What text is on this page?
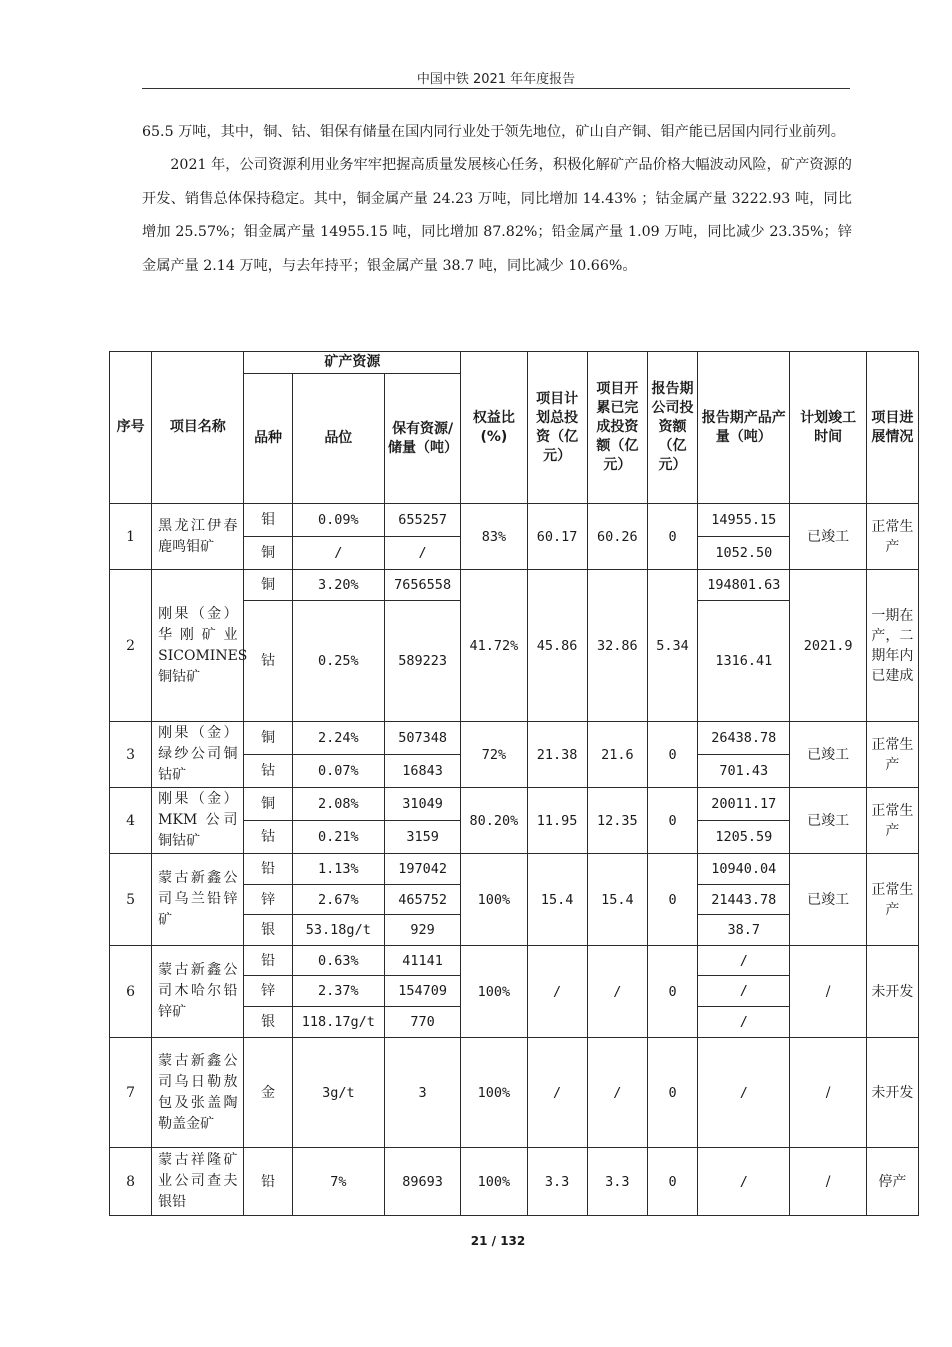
中国中铁 2021 年年度报告

65.5 万吨，其中，铜、钴、钼保有储量在国内同行业处于领先地位，矿山自产铜、钼产能已居国内同行业前列。

2021 年，公司资源利用业务牢牢把握高质量发展核心任务，积极化解矿产品价格大幅波动风险，矿产资源的开发、销售总体保持稳定。其中，铜金属产量 24.23 万吨，同比增加 14.43% ；钴金属产量 3222.93 吨，同比增加 25.57%；钼金属产量 14955.15 吨，同比增加 87.82%；铅金属产量 1.09 万吨，同比减少 23.35%；锌金属产量 2.14 万吨，与去年持平；银金属产量 38.7 吨，同比减少 10.66%。

序号	项目名称	矿产资源			权益比(%)	项目计划总投资（亿元）	项目开累已完成投资额（亿元）	报告期公司投资额（亿元）	报告期产品产量（吨）	计划竣工时间	项目进展情况
		品种	品位	保有资源/储量（吨）							
1	黑龙江伊春鹿鸣钼矿	钼	0.09%	655257	83%	60.17	60.26	0	14955.15	已竣工	正常生产
		铜	/	/					1052.50		
2	刚果（金）华刚矿业SICOMINES铜钴矿	铜	3.20%	7656558	41.72%	45.86	32.86	5.34	194801.63	2021.9	一期在产，二期年内已建成
		钴	0.25%	589223					1316.41		
3	刚果（金）绿纱公司铜钴矿	铜	2.24%	507348	72%	21.38	21.6	0	26438.78	已竣工	正常生产
		钴	0.07%	16843					701.43		
4	刚果（金）MKM 公司铜钴矿	铜	2.08%	31049	80.20%	11.95	12.35	0	20011.17	已竣工	正常生产
		钴	0.21%	3159					1205.59		
5	蒙古新鑫公司乌兰铅锌矿	铅	1.13%	197042	100%	15.4	15.4	0	10940.04	已竣工	正常生产
		锌	2.67%	465752					21443.78		
		银	53.18g/t	929					38.7		
6	蒙古新鑫公司木哈尔铅锌矿	铅	0.63%	41141	100%	/	/	0	/	/	未开发
		锌	2.37%	154709					/		
		银	118.17g/t	770					/		
7	蒙古新鑫公司乌日勒敖包及张盖陶勒盖金矿	金	3g/t	3	100%	/	/	0	/	/	未开发
8	蒙古祥隆矿业公司查夫银铅	铅	7%	89693	100%	3.3	3.3	0	/	/	停产
21 / 132
